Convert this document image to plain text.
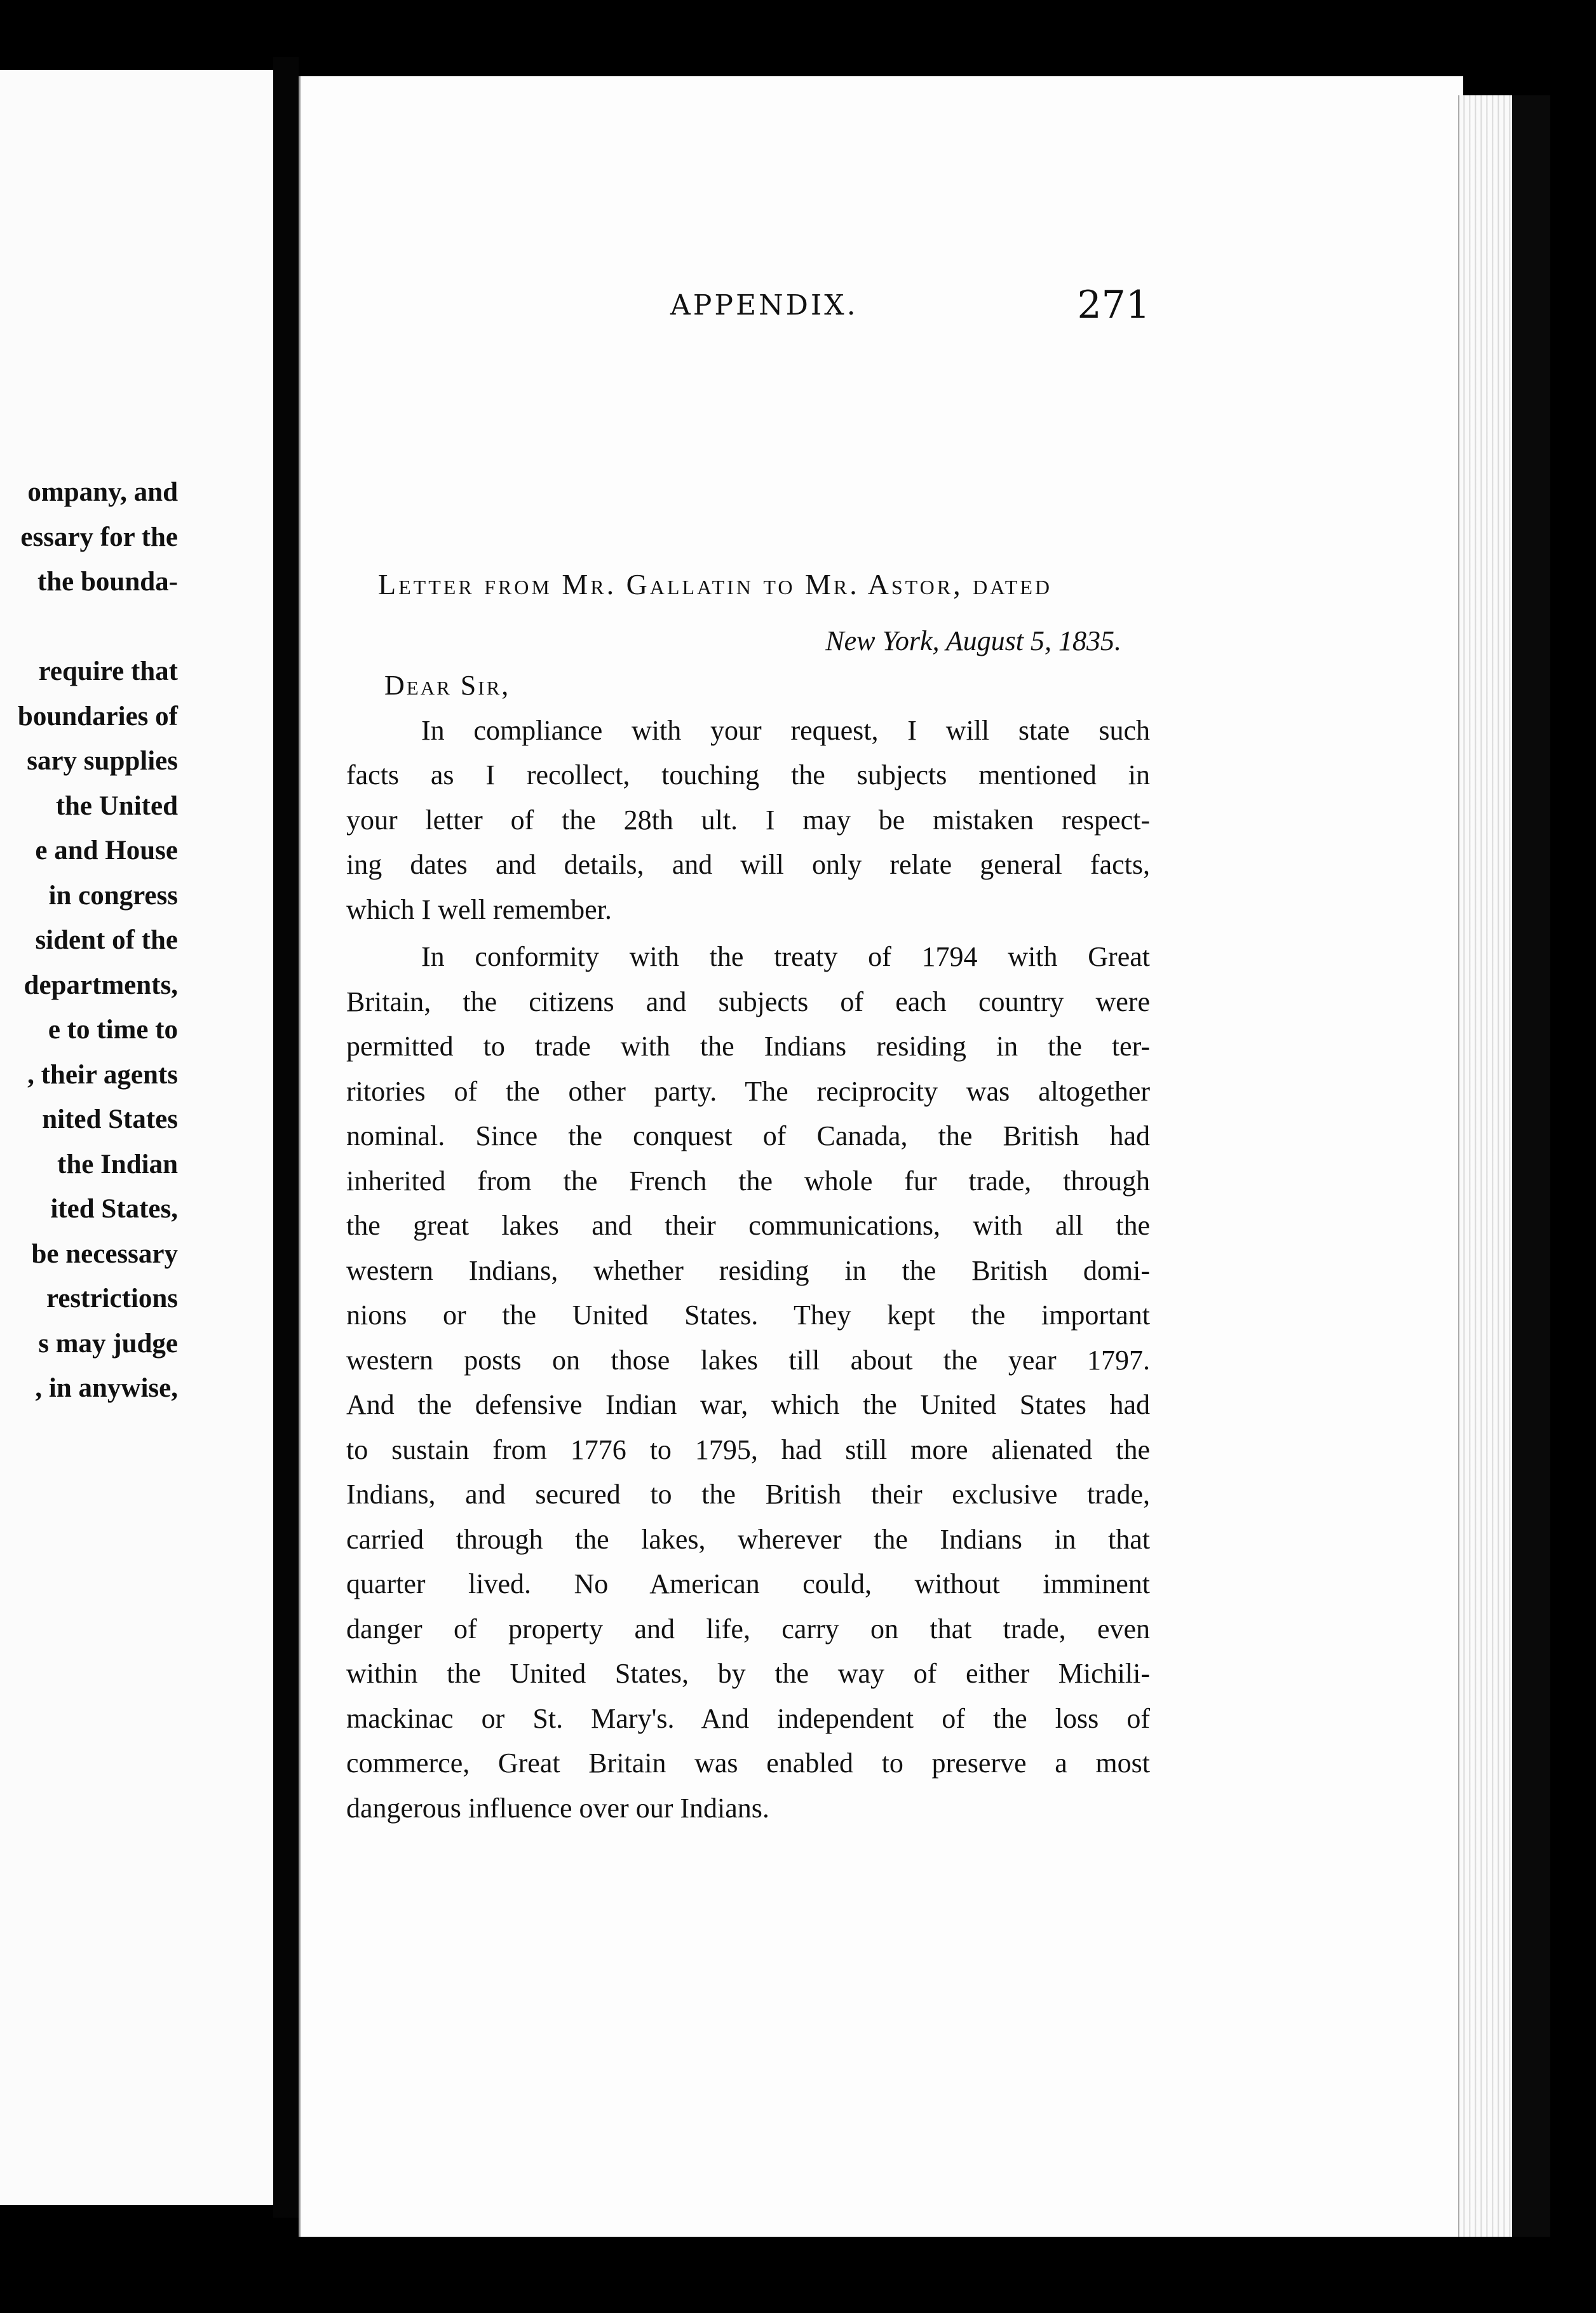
ompany, and
essary for the
the bounda-

require that
boundaries of
sary supplies
the United
e and House
in congress
sident of the
departments,
e to time to
, their agents
nited States
the Indian
ited States,
be necessary
restrictions
s may judge
, in anywise,
APPENDIX.	271
Letter from Mr. Gallatin to Mr. Astor, dated
New York, August 5, 1835.
Dear Sir,
In compliance with your request, I will state such
facts as I recollect, touching the subjects mentioned in
your letter of the 28th ult. I may be mistaken respect-
ing dates and details, and will only relate general facts,
which I well remember.
In conformity with the treaty of 1794 with Great
Britain, the citizens and subjects of each country were
permitted to trade with the Indians residing in the ter-
ritories of the other party. The reciprocity was altogether
nominal. Since the conquest of Canada, the British had
inherited from the French the whole fur trade, through
the great lakes and their communications, with all the
western Indians, whether residing in the British domi-
nions or the United States. They kept the important
western posts on those lakes till about the year 1797.
And the defensive Indian war, which the United States had
to sustain from 1776 to 1795, had still more alienated the
Indians, and secured to the British their exclusive trade,
carried through the lakes, wherever the Indians in that
quarter lived. No American could, without imminent
danger of property and life, carry on that trade, even
within the United States, by the way of either Michili-
mackinac or St. Mary's. And independent of the loss of
commerce, Great Britain was enabled to preserve a most
dangerous influence over our Indians.
